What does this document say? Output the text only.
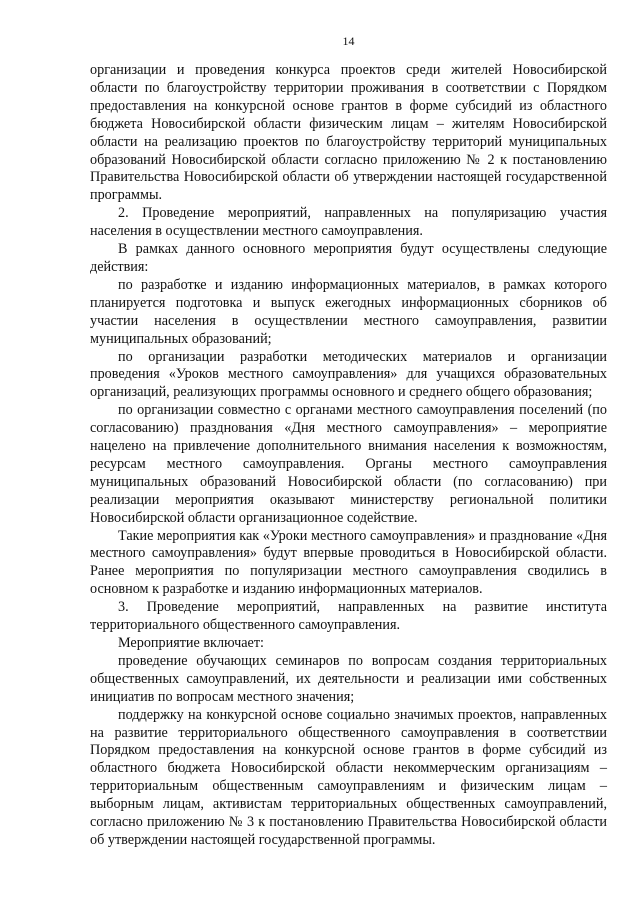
14

организации и проведения конкурса проектов среди жителей Новосибирской области по благоустройству территории проживания в соответствии с Порядком предоставления на конкурсной основе грантов в форме субсидий из областного бюджета Новосибирской области физическим лицам – жителям Новосибирской области на реализацию проектов по благоустройству территорий муниципальных образований Новосибирской области согласно приложению № 2 к постановлению Правительства Новосибирской области об утверждении настоящей государственной программы.

2. Проведение мероприятий, направленных на популяризацию участия населения в осуществлении местного самоуправления.

В рамках данного основного мероприятия будут осуществлены следующие действия:

по разработке и изданию информационных материалов, в рамках которого планируется подготовка и выпуск ежегодных информационных сборников об участии населения в осуществлении местного самоуправления, развитии муниципальных образований;

по организации разработки методических материалов и организации проведения «Уроков местного самоуправления» для учащихся образовательных организаций, реализующих программы основного и среднего общего образования;

по организации совместно с органами местного самоуправления поселений (по согласованию) празднования «Дня местного самоуправления» – мероприятие нацелено на привлечение дополнительного внимания населения к возможностям, ресурсам местного самоуправления. Органы местного самоуправления муниципальных образований Новосибирской области (по согласованию) при реализации мероприятия оказывают министерству региональной политики Новосибирской области организационное содействие.

Такие мероприятия как «Уроки местного самоуправления» и празднование «Дня местного самоуправления» будут впервые проводиться в Новосибирской области. Ранее мероприятия по популяризации местного самоуправления сводились в основном к разработке и изданию информационных материалов.

3. Проведение мероприятий, направленных на развитие института территориального общественного самоуправления.

Мероприятие включает:

проведение обучающих семинаров по вопросам создания территориальных общественных самоуправлений, их деятельности и реализации ими собственных инициатив по вопросам местного значения;

поддержку на конкурсной основе социально значимых проектов, направленных на развитие территориального общественного самоуправления в соответствии Порядком предоставления на конкурсной основе грантов в форме субсидий из областного бюджета Новосибирской области некоммерческим организациям – территориальным общественным самоуправлениям и физическим лицам – выборным лицам, активистам территориальных общественных самоуправлений, согласно приложению № 3 к постановлению Правительства Новосибирской области об утверждении настоящей государственной программы.
